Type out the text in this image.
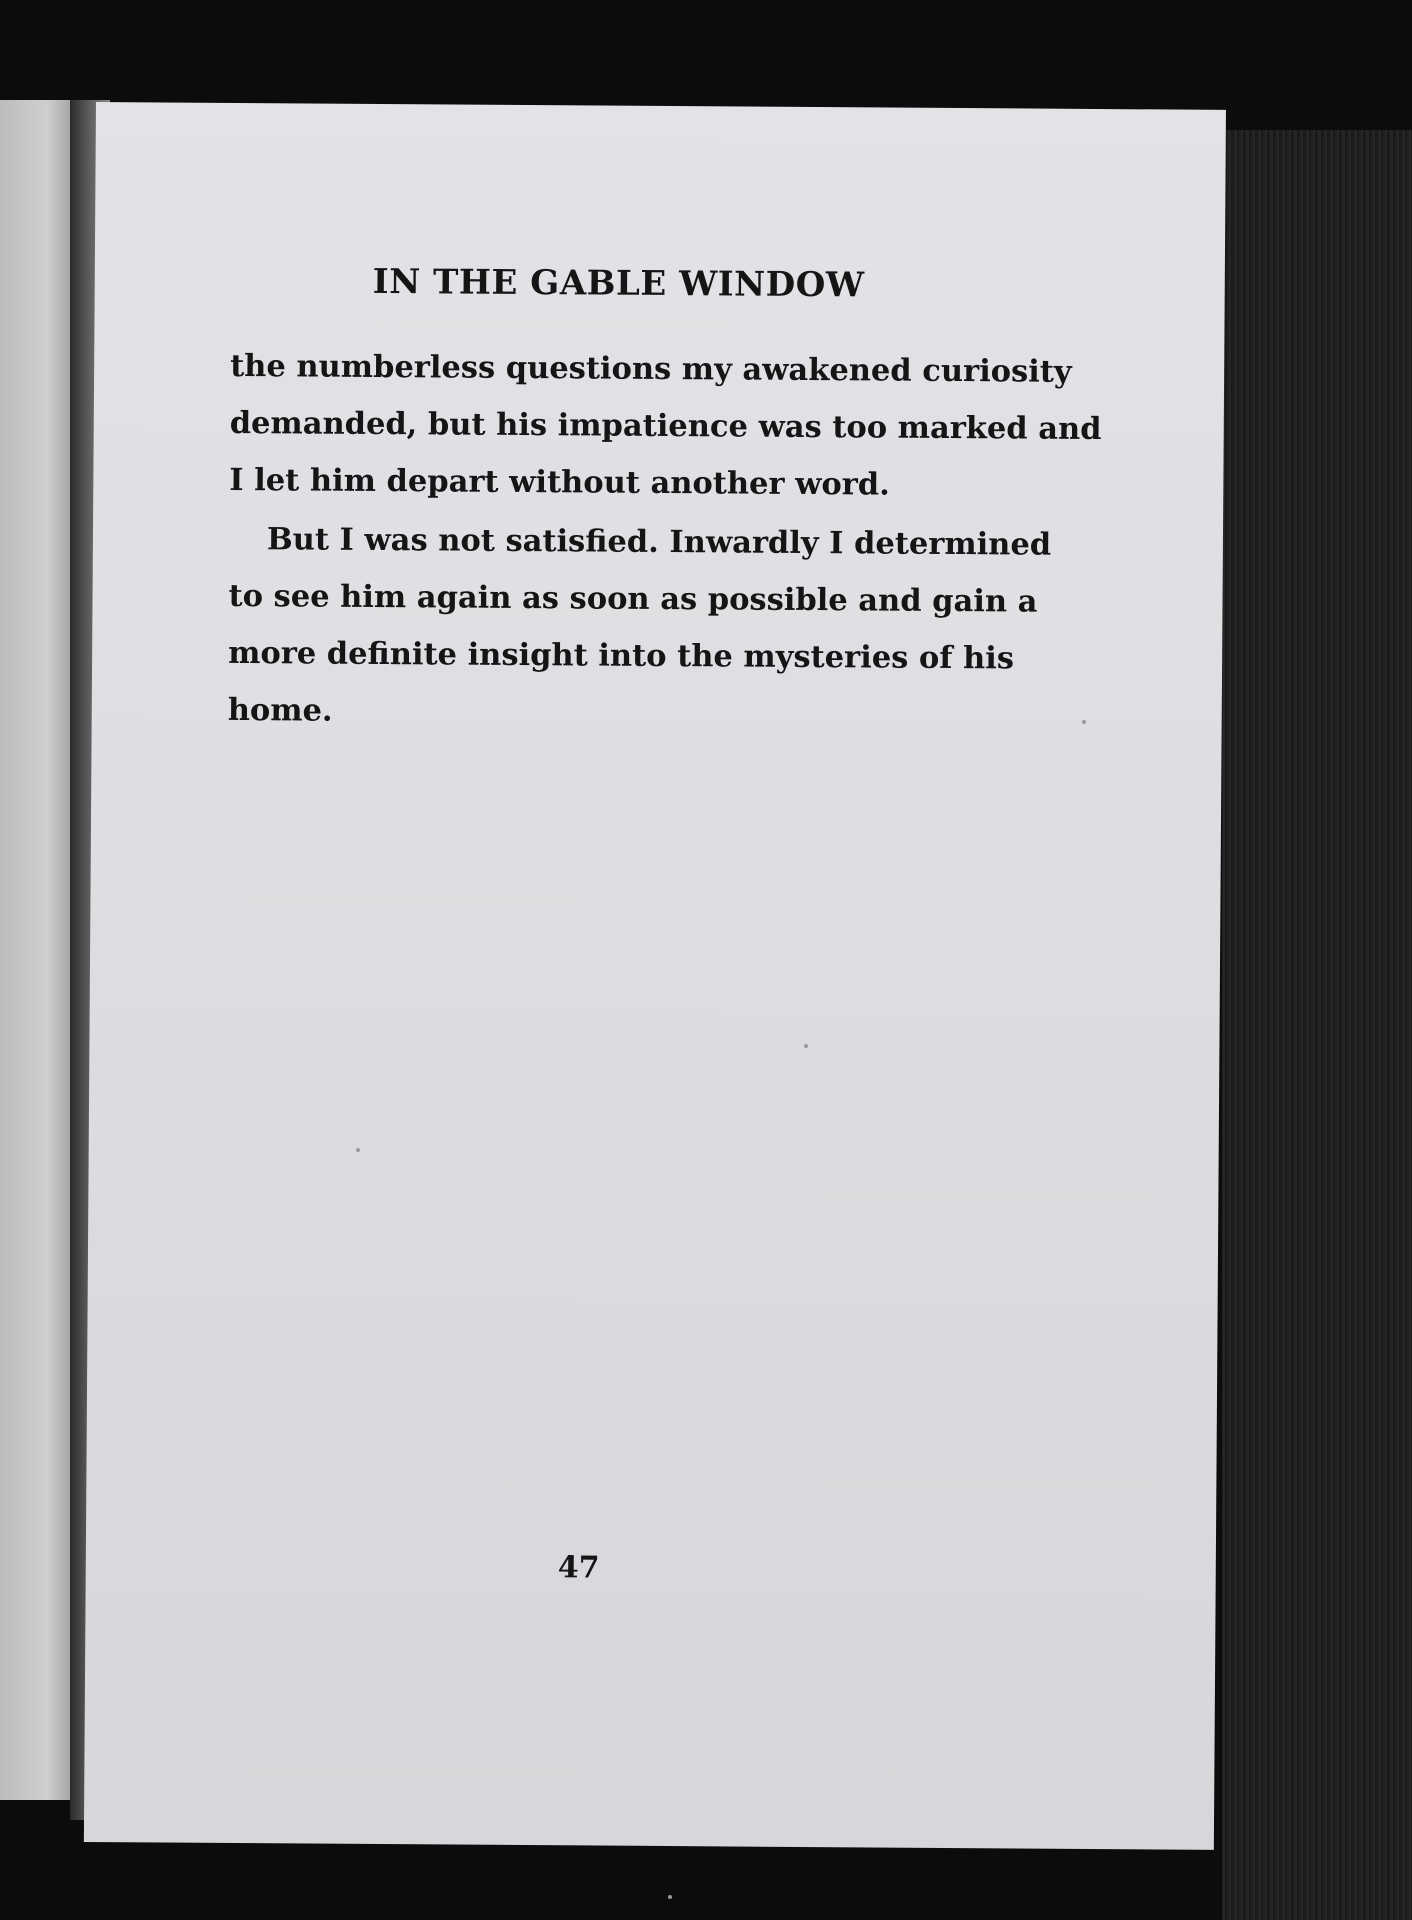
IN THE GABLE WINDOW
the numberless questions my awakened curiosity
demanded, but his impatience was too marked and
I let him depart without another word.
But I was not satisfied. Inwardly I determined
to see him again as soon as possible and gain a
more definite insight into the mysteries of his
home.
47
